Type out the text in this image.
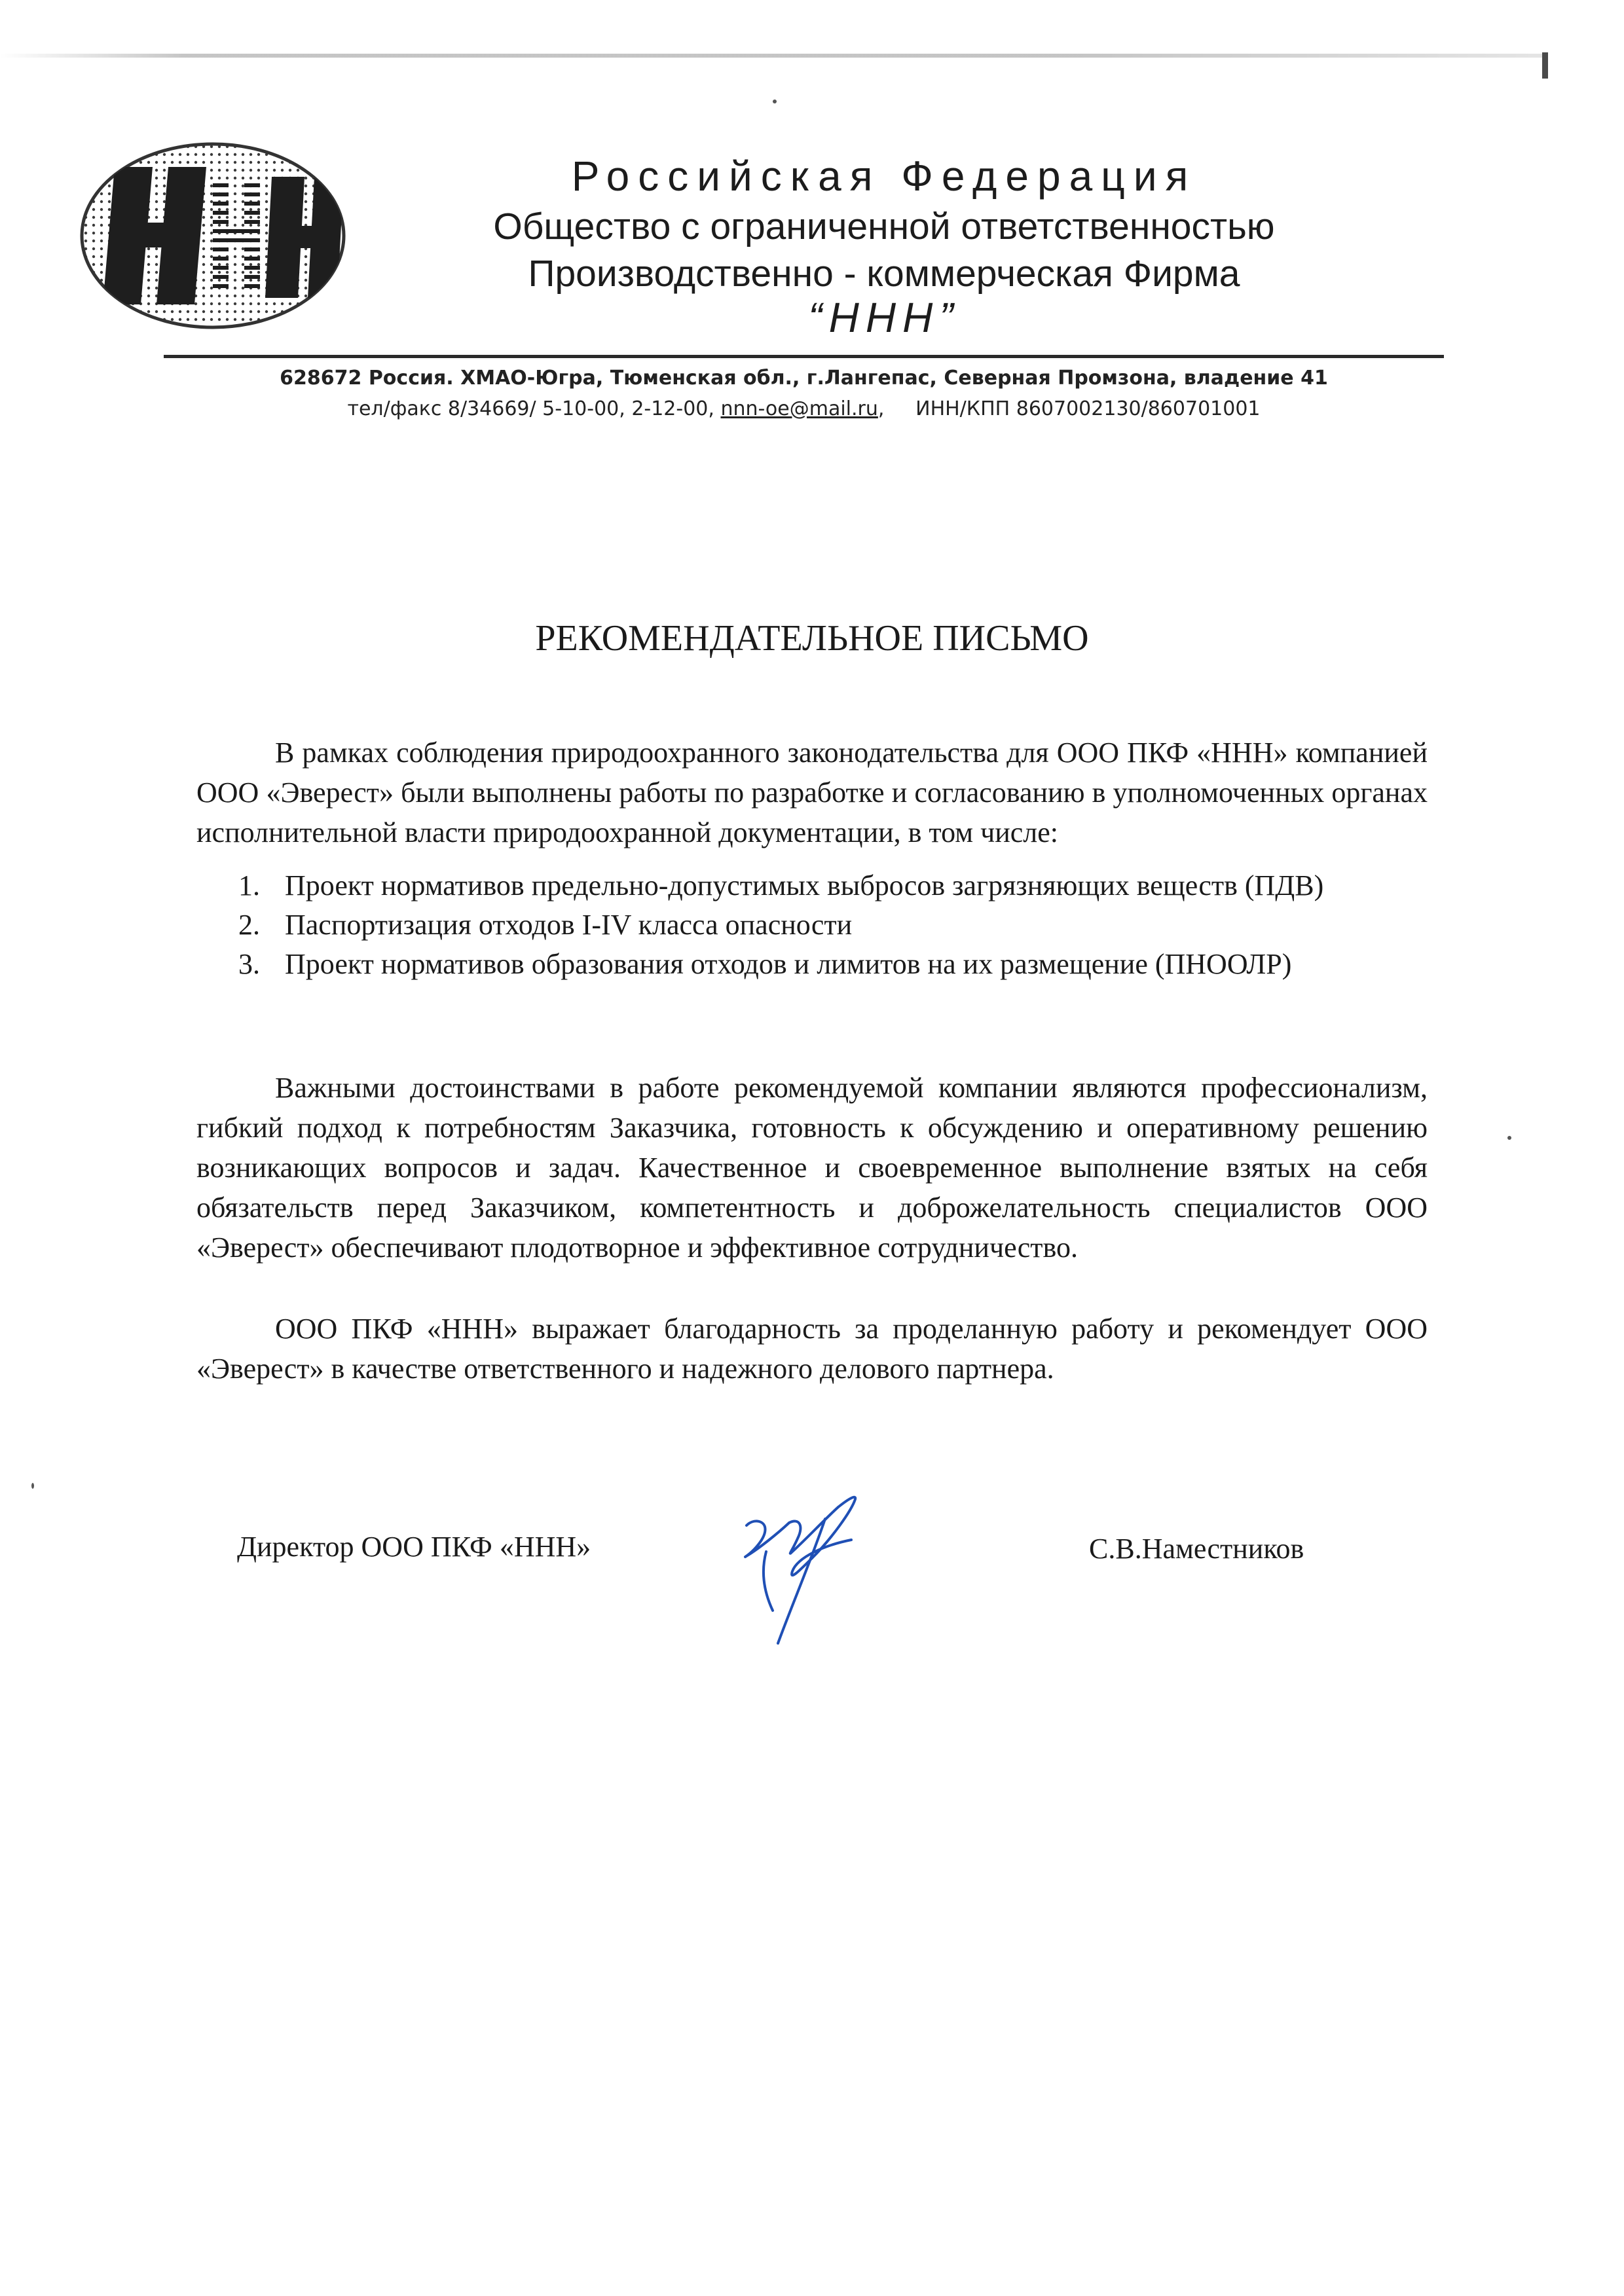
Российская Федерация
Общество с ограниченной ответственностью
Производственно - коммерческая Фирма
“ННН”
628672 Россия. ХМАО-Югра, Тюменская обл., г.Лангепас, Северная Промзона, владение 41
тел/факс 8/34669/ 5-10-00, 2-12-00, nnn-oe@mail.ru,     ИНН/КПП 8607002130/860701001
РЕКОМЕНДАТЕЛЬНОЕ ПИСЬМО

В рамках соблюдения природоохранного законодательства для ООО ПКФ «ННН» компанией ООО «Эверест» были выполнены работы по разработке и согласованию в уполномоченных органах исполнительной власти природоохранной документации, в том числе:

1. Проект нормативов предельно-допустимых выбросов загрязняющих веществ (ПДВ)
2. Паспортизация отходов I-IV класса опасности
3. Проект нормативов образования отходов и лимитов на их размещение (ПНООЛР)

Важными достоинствами в работе рекомендуемой компании являются профессионализм, гибкий подход к потребностям Заказчика, готовность к обсуждению и оперативному решению возникающих вопросов и задач. Качественное и своевременное выполнение взятых на себя обязательств перед Заказчиком, компетентность и доброжелательность специалистов ООО «Эверест» обеспечивают плодотворное и эффективное сотрудничество.

ООО ПКФ «ННН» выражает благодарность за проделанную работу и рекомендует ООО «Эверест» в качестве ответственного и надежного делового партнера.

Директор ООО ПКФ «ННН»	С.В.Наместников
